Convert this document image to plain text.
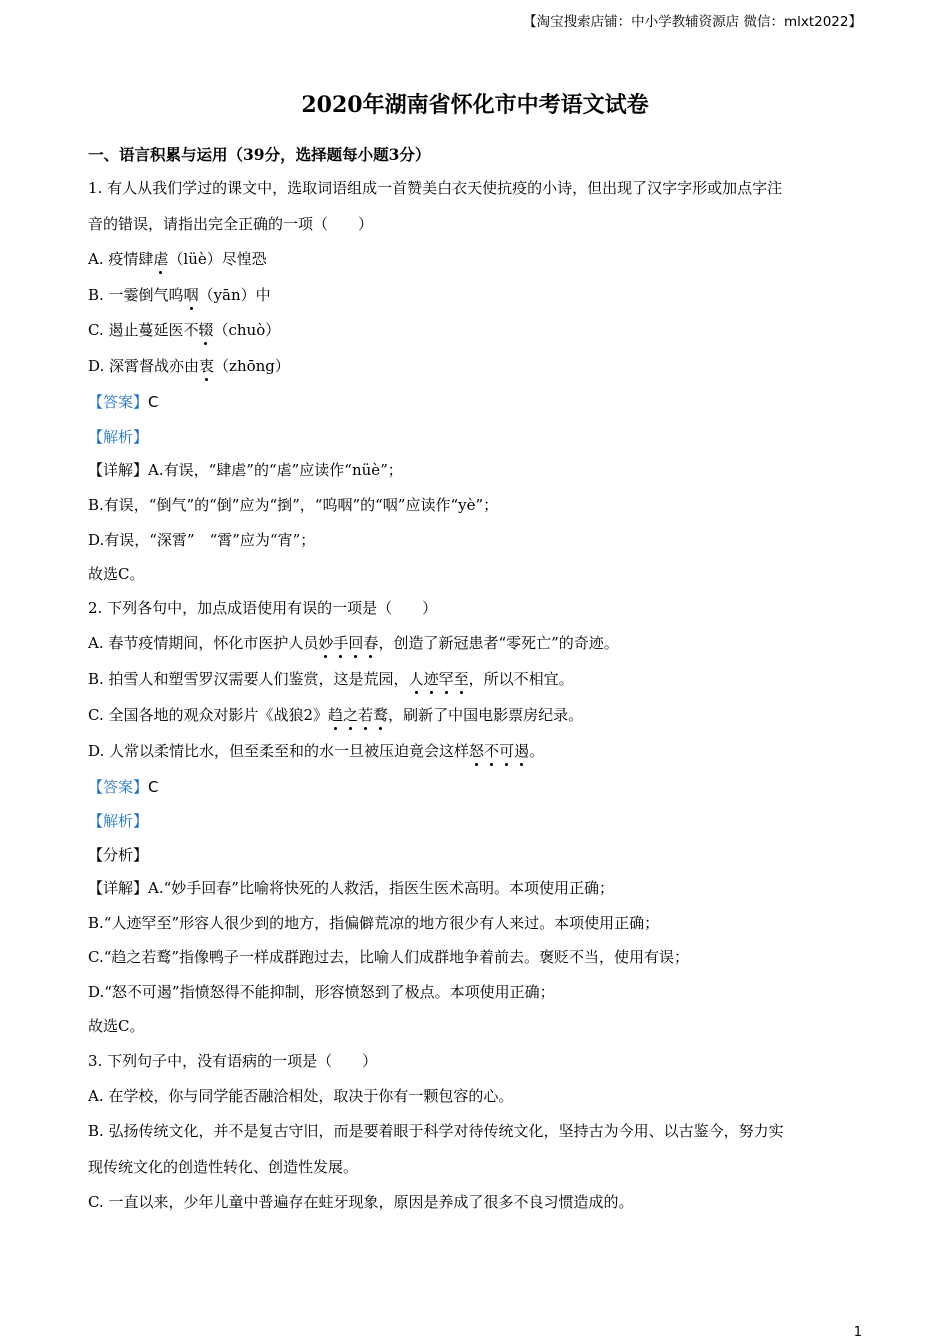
【淘宝搜索店铺：中小学教辅资源店 微信：mlxt2022】
2020年湖南省怀化市中考语文试卷
一、语言积累与运用（39分，选择题每小题3分）
1. 有人从我们学过的课文中，选取词语组成一首赞美白衣天使抗疫的小诗，但出现了汉字字形或加点字注
音的错误，请指出完全正确的一项（　　）
A. 疫情肆虐（lüè）尽惶恐
B. 一霎倒气呜咽（yān）中
C. 遏止蔓延医不辍（chuò）
D. 深霄督战亦由衷（zhōng）
【答案】C
【解析】
【详解】A.有误，“肆虐”的“虐”应读作“nüè”；
B.有误，“倒气”的“倒”应为“捯”，“呜咽”的“咽”应读作“yè”；
D.有误，“深霄”　“霄”应为“宵”；
故选C。
2. 下列各句中，加点成语使用有误的一项是（　　）
A. 春节疫情期间，怀化市医护人员妙手回春，创造了新冠患者“零死亡”的奇迹。
B. 拍雪人和塑雪罗汉需要人们鉴赏，这是荒园，人迹罕至，所以不相宜。
C. 全国各地的观众对影片《战狼2》趋之若鹜，刷新了中国电影票房纪录。
D. 人常以柔情比水，但至柔至和的水一旦被压迫竟会这样怒不可遏。
【答案】C
【解析】
【分析】
【详解】A.“妙手回春”比喻将快死的人救活，指医生医术高明。本项使用正确；
B.“人迹罕至”形容人很少到的地方，指偏僻荒凉的地方很少有人来过。本项使用正确；
C.“趋之若鹜”指像鸭子一样成群跑过去，比喻人们成群地争着前去。褒贬不当，使用有误；
D.“怒不可遏”指愤怒得不能抑制，形容愤怒到了极点。本项使用正确；
故选C。
3. 下列句子中，没有语病的一项是（　　）
A. 在学校，你与同学能否融洽相处，取决于你有一颗包容的心。
B. 弘扬传统文化，并不是复古守旧，而是要着眼于科学对待传统文化，坚持古为今用、以古鉴今，努力实
现传统文化的创造性转化、创造性发展。
C. 一直以来，少年儿童中普遍存在蛀牙现象，原因是养成了很多不良习惯造成的。
1
